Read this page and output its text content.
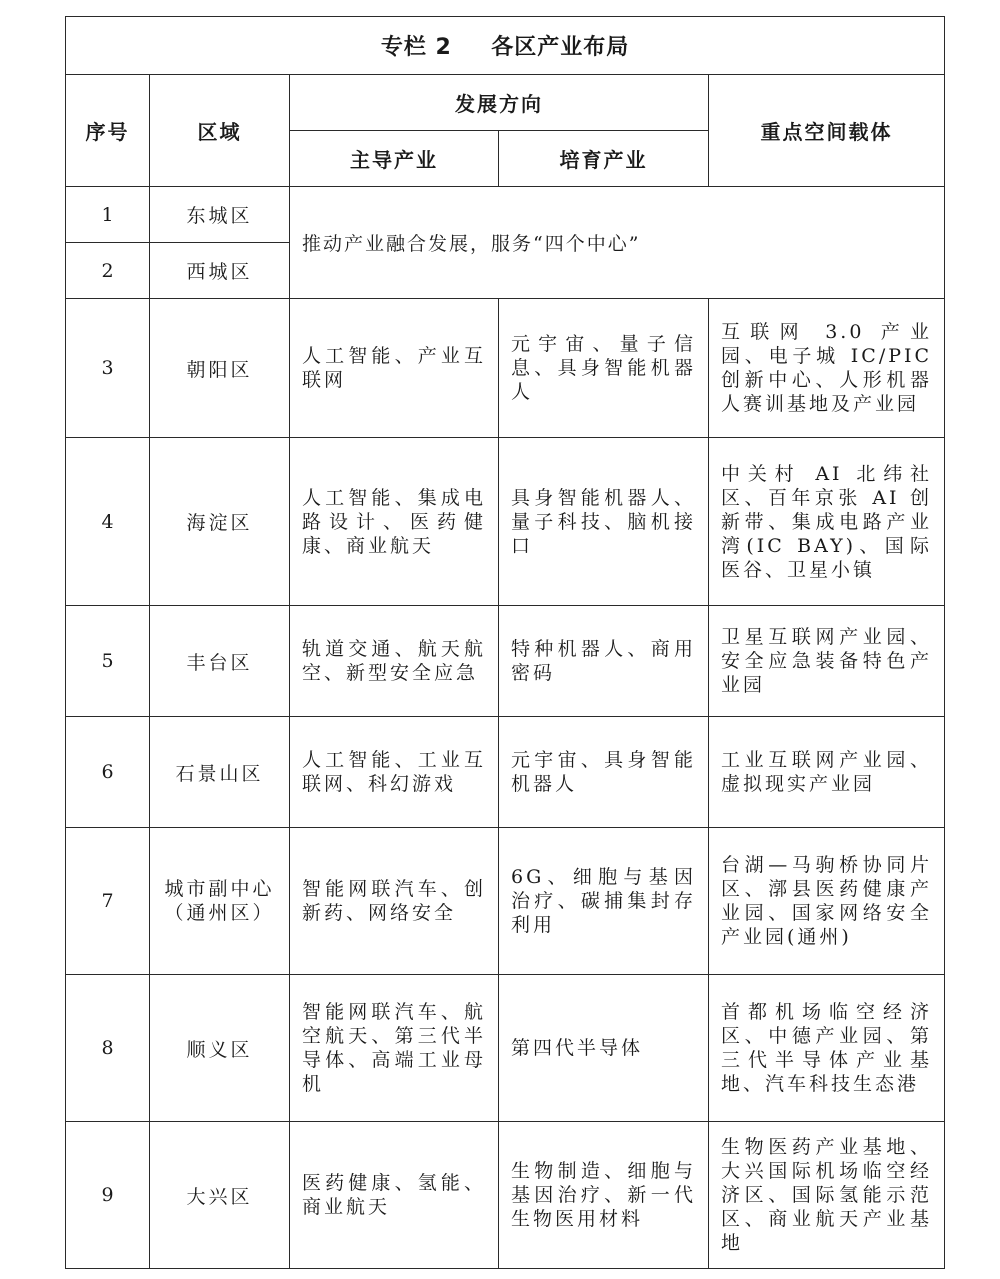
专栏 2 各区产业布局				
序号	区域	发展方向		重点空间载体
		主导产业	培育产业	
1	东城区	推动产业融合发展，服务“四个中心”		
2	西城区			
3	朝阳区	人工智能、产业互联网	元宇宙、量子信息、具身智能机器人	互联网 3.0 产业园、电子城 IC/PIC 创新中心、人形机器人赛训基地及产业园
4	海淀区	人工智能、集成电路设计、医药健康、商业航天	具身智能机器人、量子科技、脑机接口	中关村 AI 北纬社区、百年京张 AI 创新带、集成电路产业湾(IC BAY)、国际医谷、卫星小镇
5	丰台区	轨道交通、航天航空、新型安全应急	特种机器人、商用密码	卫星互联网产业园、安全应急装备特色产业园
6	石景山区	人工智能、工业互联网、科幻游戏	元宇宙、具身智能机器人	工业互联网产业园、虚拟现实产业园
7	城市副中心（通州区）	智能网联汽车、创新药、网络安全	6G、细胞与基因治疗、碳捕集封存利用	台湖—马驹桥协同片区、漷县医药健康产业园、国家网络安全产业园(通州)
8	顺义区	智能网联汽车、航空航天、第三代半导体、高端工业母机	第四代半导体	首都机场临空经济区、中德产业园、第三代半导体产业基地、汽车科技生态港
9	大兴区	医药健康、氢能、商业航天	生物制造、细胞与基因治疗、新一代生物医用材料	生物医药产业基地、大兴国际机场临空经济区、国际氢能示范区、商业航天产业基地
